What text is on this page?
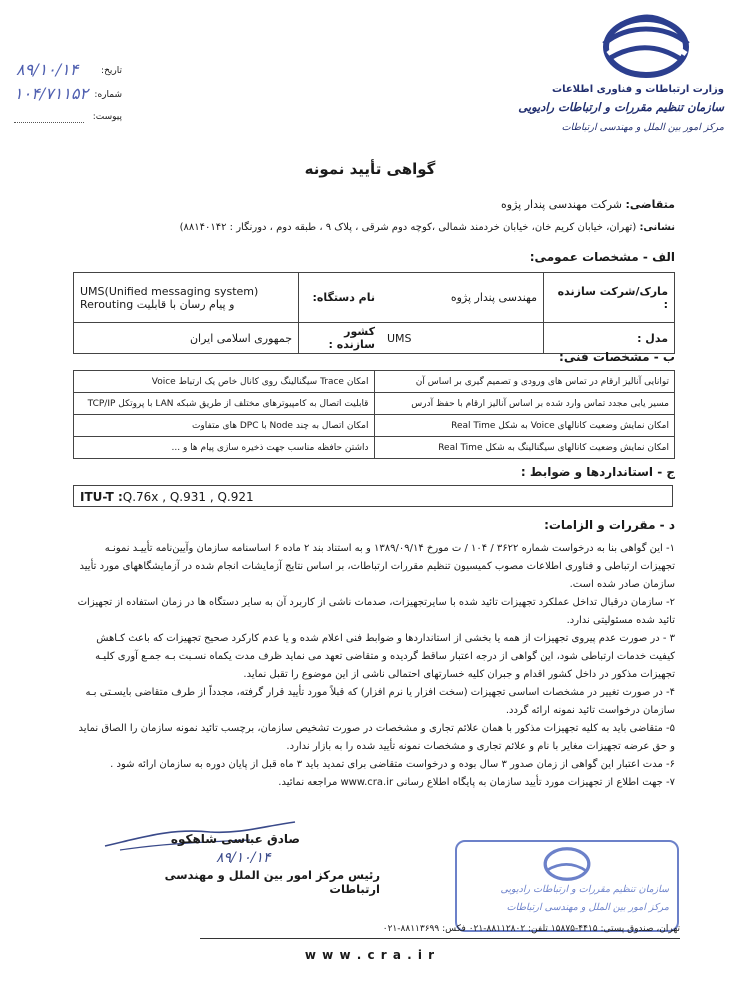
تاریخ:
۸۹/۱۰/۱۴
شماره:
۱۰۴/۷۱۱۵۲
پیوست:
وزارت ارتباطات و فناوری اطلاعات
سازمان تنظیم مقررات و ارتباطات رادیویی
مرکز امور بین الملل و مهندسی ارتباطات
گواهی تأیید نمونه
متقاضی: شرکت مهندسی پندار پژوه
نشانی: (تهران، خیابان کریم خان، خیابان خردمند شمالی ،کوچه دوم شرقی ، پلاک ۹ ، طبقه دوم ، دورنگار : ۸۸۱۴۰۱۴۲)
الف - مشخصات عمومی:
مارک/شرکت سازنده :	مهندسی پندار پژوه	نام دستگاه:	UMS(Unified messaging system)
و پیام رسان با قابلیت Rerouting

مدل :	UMS	کشور سازنده :	جمهوری اسلامی ایران
ب - مشخصات فنی:
توانایی آنالیز ارقام در تماس های ورودی و تصمیم گیری بر اساس آن	امکان Trace سیگنالینگ روی کانال خاص یک ارتباط Voice
مسیر یابی مجدد تماس وارد شده بر اساس آنالیز ارقام با حفظ آدرس	قابلیت اتصال به کامپیوترهای مختلف از طریق شبکه LAN با پروتکل TCP/IP
امکان نمایش وضعیت کانالهای Voice به شکل Real Time	امکان اتصال به چند Node با DPC های متفاوت
امکان نمایش وضعیت کانالهای سیگنالینگ به شکل Real Time	داشتن حافظه مناسب جهت ذخیره سازی پیام ها و ...
ج - استانداردها و ضوابط :
ITU-T :Q.76x , Q.931 , Q.921
د - مقررات و الزامات:
۱- این گواهی بنا به درخواست شماره ۳۶۲۲ / ۱۰۴ / ت مورخ ۱۳۸۹/۰۹/۱۴ و به استناد بند ۲ ماده ۶ اساسنامه سازمان وآیین‌نامه تأییـد نمونـه تجهیزات ارتباطی و فناوری اطلاعات مصوب کمیسیون تنظیم مقررات ارتباطات، بر اساس نتایج آزمایشات انجام شده در آزمایشگاههای مورد تأیید سازمان صادر شده است.
۲- سازمان درقبال تداخل عملکرد تجهیزات تائید شده با سایرتجهیزات، صدمات ناشی از کاربرد آن به سایر دستگاه ها در زمان استفاده از تجهیزات تائید شده مسئولیتی ندارد.
۳ - در صورت عدم پیروی تجهیزات از همه یا بخشی از استانداردها و ضوابط فنی اعلام شده و یا عدم کارکرد صحیح تجهیزات که باعث کـاهش کیفیت خدمات ارتباطی شود، این گواهی از درجه اعتبار ساقط گردیده و متقاضی تعهد می نماید ظرف مدت یکماه نسـبت بـه جمـع آوری کلیـه تجهیزات مذکور در داخل کشور اقدام و جبران کلیه خسارتهای احتمالی ناشی از این موضوع را تقبل نماید.
۴- در صورت تغییر در مشخصات اساسی تجهیزات (سخت افزار یا نرم افزار) که قبلاً مورد تأیید قرار گرفته، مجدداً از طرف متقاضی بایسـتی بـه سازمان درخواست تائید نمونه ارائه گردد.
۵- متقاضی باید به کلیه تجهیزات مذکور با همان علائم تجاری و مشخصات در صورت تشخیص سازمان، برچسب تائید نمونه سازمان را الصاق نماید و حق عرضه تجهیزات مغایر با نام و علائم تجاری و مشخصات نمونه تأیید شده را به بازار ندارد.
۶- مدت اعتبار این گواهی از زمان صدور ۳ سال بوده و درخواست متقاضی برای تمدید باید ۳ ماه قبل از پایان دوره به سازمان ارائه شود .
۷- جهت اطلاع از تجهیزات مورد تأیید سازمان به پایگاه اطلاع رسانی www.cra.ir مراجعه نمائید.
صادق عباسی شاهکوه
۸۹/۱۰/۱۴
رئیس مرکز امور بین الملل و مهندسی ارتباطات	سازمان تنظیم مقررات و ارتباطات رادیویی
مرکز امور بین الملل و مهندسی ارتباطات
تهران، صندوق پستی: ۴۴۱۵-۱۵۸۷۵ تلفن: ۸۸۱۱۲۸۰۲-۰۲۱ فکس: ۸۸۱۱۳۶۹۹-۰۲۱
w w w . c r a . i r
